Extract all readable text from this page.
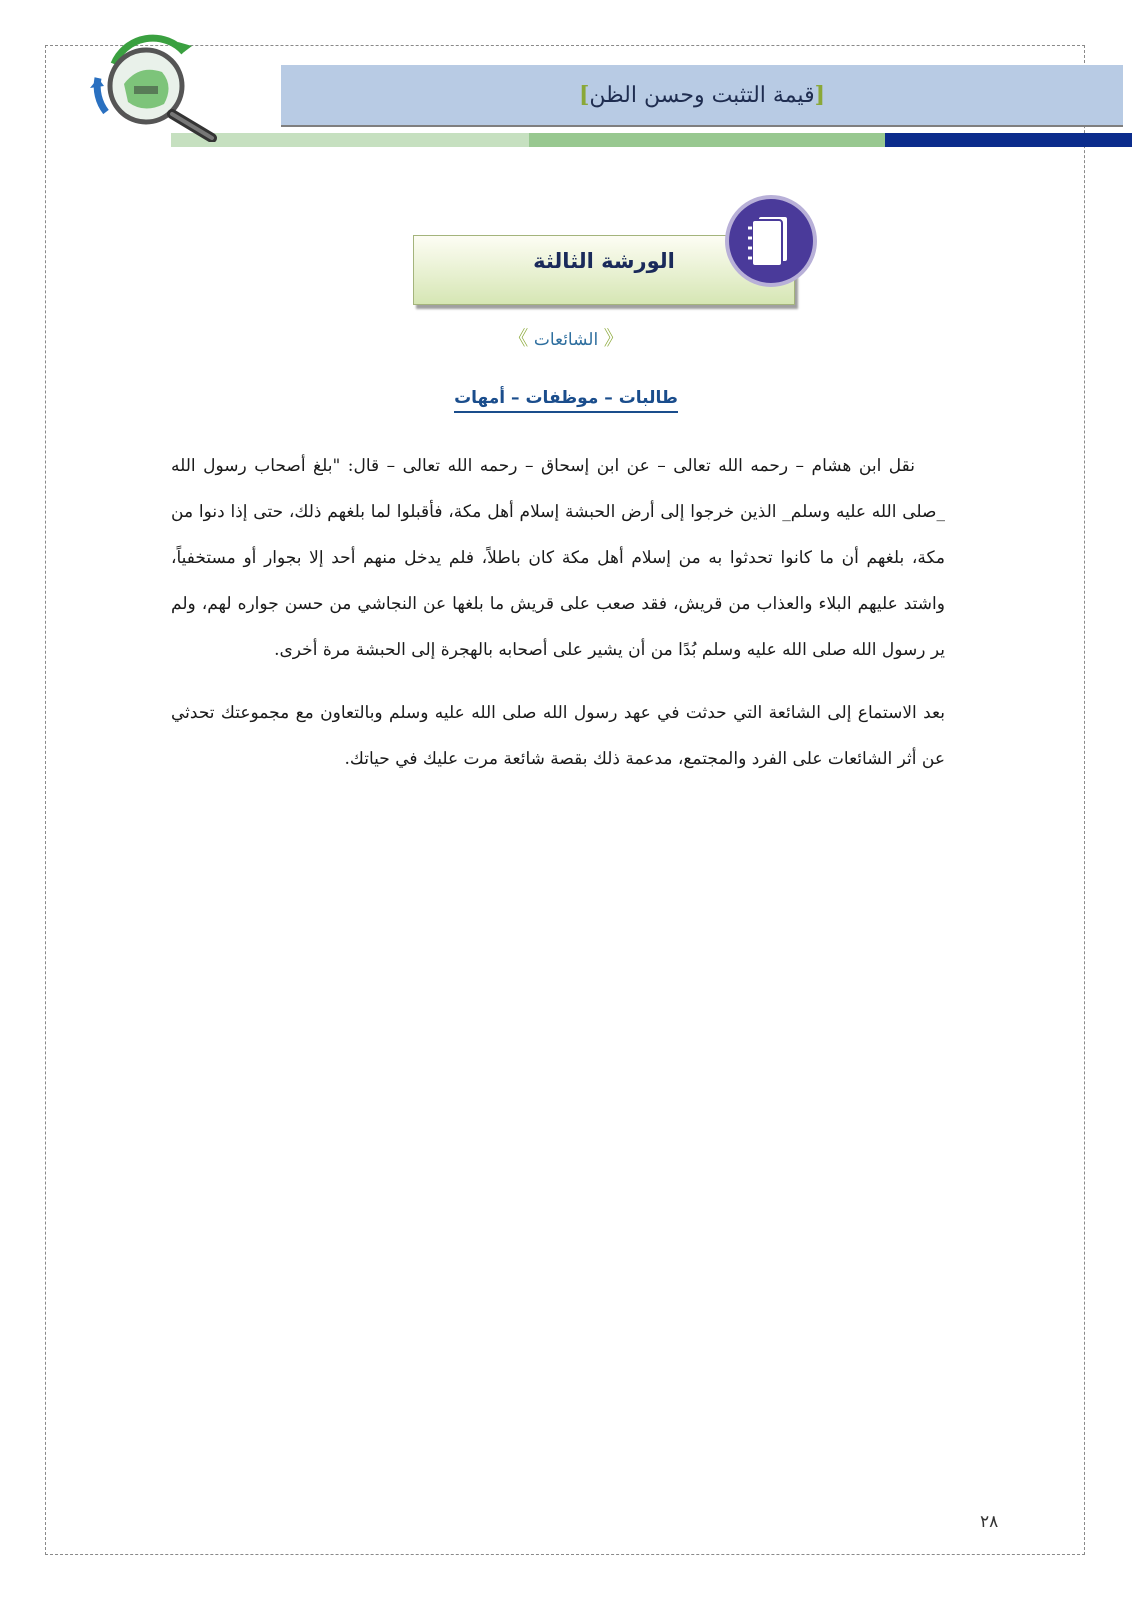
[قيمة التثبت وحسن الظن]
الورشة الثالثة
《 الشائعات 》
طالبات – موظفات – أمهات

نقل ابن هشام – رحمه الله تعالى – عن ابن إسحاق – رحمه الله تعالى – قال: "بلغ أصحاب رسول الله _صلى الله عليه وسلم_ الذين خرجوا إلى أرض الحبشة إسلام أهل مكة، فأقبلوا لما بلغهم ذلك، حتى إذا دنوا من مكة، بلغهم أن ما كانوا تحدثوا به من إسلام أهل مكة كان باطلاً، فلم يدخل منهم أحد إلا بجوار أو مستخفياً، واشتد عليهم البلاء والعذاب من قريش، فقد صعب على قريش ما بلغها عن النجاشي من حسن جواره لهم، ولم ير رسول الله صلى الله عليه وسلم بُدًا من أن يشير على أصحابه بالهجرة إلى الحبشة مرة أخرى.

بعد الاستماع إلى الشائعة التي حدثت في عهد رسول الله صلى الله عليه وسلم وبالتعاون مع مجموعتك تحدثي عن أثر الشائعات على الفرد والمجتمع، مدعمة ذلك بقصة شائعة مرت عليك في حياتك.

٢٨
